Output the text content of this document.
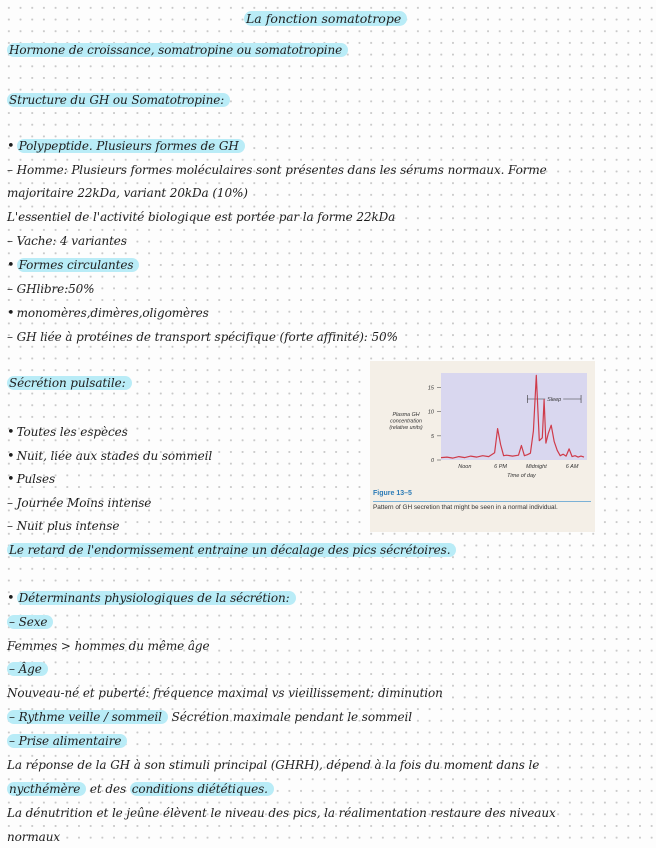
La fonction somatotrope
Hormone de croissance, somatropine ou somatotropine
Structure du GH ou Somatotropine:
• Polypeptide. Plusieurs formes de GH
– Homme: Plusieurs formes moléculaires sont présentes dans les sérums normaux. Forme
majoritaire 22kDa, variant 20kDa (10%)
L'essentiel de l'activité biologique est portée par la forme 22kDa
– Vache: 4 variantes
• Formes circulantes
– GHlibre:50%
• monomères,dimères,oligomères
– GH liée à protéines de transport spécifique (forte affinité): 50%
Sécrétion pulsatile:
• Toutes les espèces
• Nuit, liée aux stades du sommeil
• Pulses
– Journée Moins intense
– Nuit plus intense
Le retard de l'endormissement entraine un décalage des pics sécrétoires.
• Déterminants physiologiques de la sécrétion:
– Sexe
Femmes > hommes du même âge
– Âge
Nouveau-né et puberté: fréquence maximal vs vieillissement: diminution
– Rythme veille / sommeil Sécrétion maximale pendant le sommeil
– Prise alimentaire
La réponse de la GH à son stimuli principal (GHRH), dépend à la fois du moment dans le
nycthémère et des conditions diététiques.
La dénutrition et le jeûne élèvent le niveau des pics, la réalimentation restaure des niveaux
normaux
0
5
10
15
Plasma GH
concentration
(relative units)
Noon	6 PM	Midnight	6 AM
Time of day
Sleep
Figure 13–5
Pattern of GH secretion that might be seen in a normal individual.
